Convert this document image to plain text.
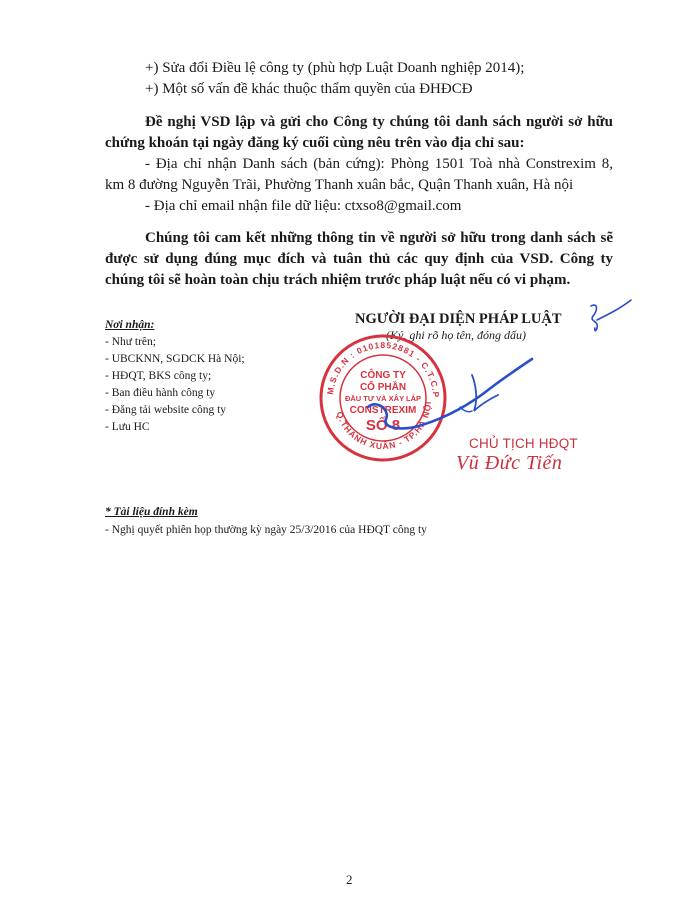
+) Sửa đổi Điều lệ công ty (phù hợp Luật Doanh nghiệp 2014);
+) Một số vấn đề khác thuộc thẩm quyền của ĐHĐCĐ
Đề nghị VSD lập và gửi cho Công ty chúng tôi danh sách người sở hữu
chứng khoán tại ngày đăng ký cuối cùng nêu trên vào địa chỉ sau:
- Địa chỉ nhận Danh sách (bản cứng): Phòng 1501 Toà nhà Constrexim 8,
km 8 đường Nguyễn Trãi, Phường Thanh xuân bắc, Quận Thanh xuân, Hà nội
- Địa chỉ email nhận file dữ liệu: ctxso8@gmail.com
Chúng tôi cam kết những thông tin về người sở hữu trong danh sách sẽ
được sử dụng đúng mục đích và tuân thủ các quy định của VSD. Công ty
chúng tôi sẽ hoàn toàn chịu trách nhiệm trước pháp luật nếu có vi phạm.
Nơi nhận:
- Như trên;
- UBCKNN, SGDCK Hà Nội;
- HĐQT, BKS công ty;
- Ban điều hành công ty
- Đăng tải website công ty
- Lưu HC
NGƯỜI ĐẠI DIỆN PHÁP LUẬT
(Ký, ghi rõ họ tên, đóng dấu)
M.S.D.N : 0101852881 - C.T.C.P
Q.THANH XUÂN - TP.HÀ NỘI
CÔNG TY
CỔ PHẦN
ĐẦU TƯ VÀ XÂY LẮP
CONSTREXIM
SỐ 8
CHỦ TỊCH HĐQT
Vũ Đức Tiến
* Tài liệu đính kèm
- Nghị quyết phiên họp thường kỳ ngày 25/3/2016 của HĐQT công ty
2
